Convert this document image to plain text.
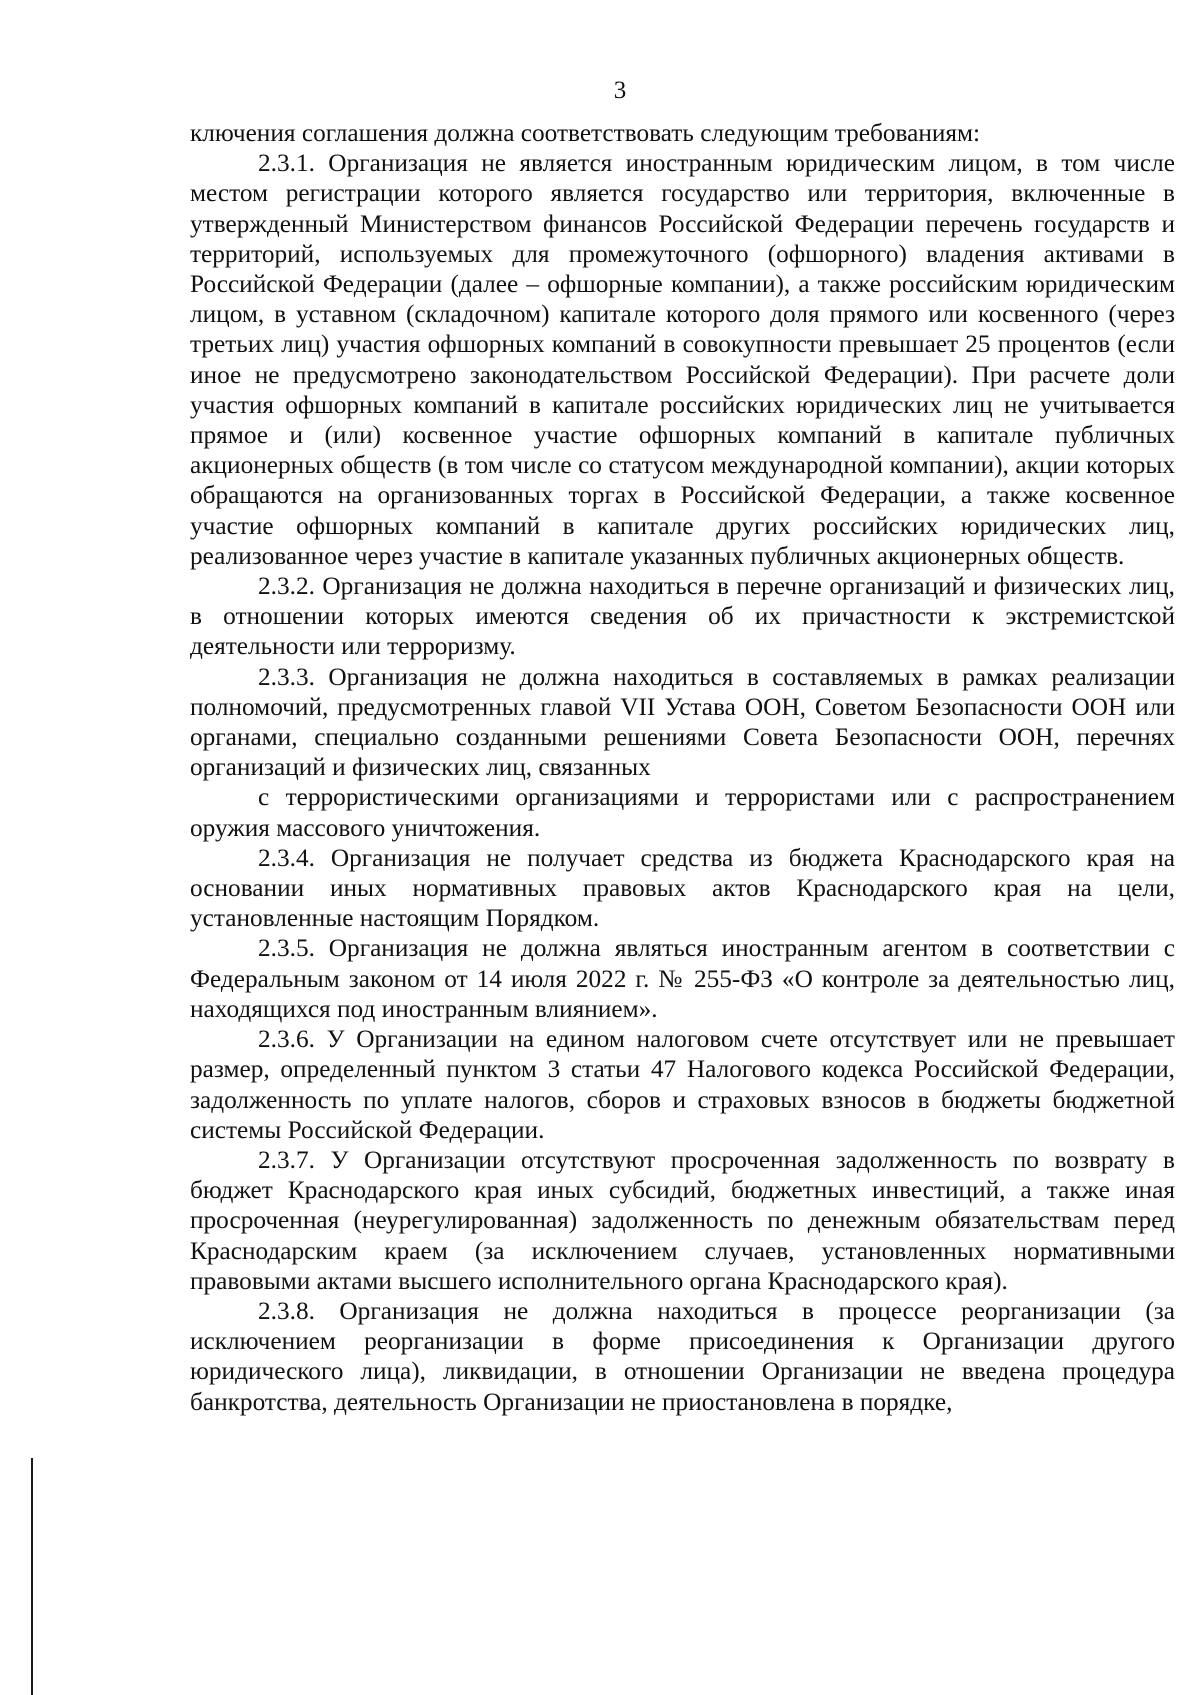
3

ключения соглашения должна соответствовать следующим требованиям:

2.3.1. Организация не является иностранным юридическим лицом, в том числе местом регистрации которого является государство или территория, включенные в утвержденный Министерством финансов Российской Федерации перечень государств и территорий, используемых для промежуточного (офшорного) владения активами в Российской Федерации (далее – офшорные компании), а также российским юридическим лицом, в уставном (складочном) капитале которого доля прямого или косвенного (через третьих лиц) участия офшорных компаний в совокупности превышает 25 процентов (если иное не предусмотрено законодательством Российской Федерации). При расчете доли участия офшорных компаний в капитале российских юридических лиц не учитывается прямое и (или) косвенное участие офшорных компаний в капитале публичных акционерных обществ (в том числе со статусом международной компании), акции которых обращаются на организованных торгах в Российской Федерации, а также косвенное участие офшорных компаний в капитале других российских юридических лиц, реализованное через участие в капитале указанных публичных акционерных обществ.

2.3.2. Организация не должна находиться в перечне организаций и физических лиц, в отношении которых имеются сведения об их причастности к экстремистской деятельности или терроризму.

2.3.3. Организация не должна находиться в составляемых в рамках реализации полномочий, предусмотренных главой VII Устава ООН, Советом Безопасности ООН или органами, специально созданными решениями Совета Безопасности ООН, перечнях организаций и физических лиц, связанных

с террористическими организациями и террористами или с распространением оружия массового уничтожения.

2.3.4. Организация не получает средства из бюджета Краснодарского края на основании иных нормативных правовых актов Краснодарского края на цели, установленные настоящим Порядком.

2.3.5. Организация не должна являться иностранным агентом в соответствии с Федеральным законом от 14 июля 2022 г. № 255-ФЗ «О контроле за деятельностью лиц, находящихся под иностранным влиянием».

2.3.6. У Организации на едином налоговом счете отсутствует или не превышает размер, определенный пунктом 3 статьи 47 Налогового кодекса Российской Федерации, задолженность по уплате налогов, сборов и страховых взносов в бюджеты бюджетной системы Российской Федерации.

2.3.7. У Организации отсутствуют просроченная задолженность по возврату в бюджет Краснодарского края иных субсидий, бюджетных инвестиций, а также иная просроченная (неурегулированная) задолженность по денежным обязательствам перед Краснодарским краем (за исключением случаев, установленных нормативными правовыми актами высшего исполнительного органа Краснодарского края).

2.3.8. Организация не должна находиться в процессе реорганизации (за исключением реорганизации в форме присоединения к Организации другого юридического лица), ликвидации, в отношении Организации не введена процедура банкротства, деятельность Организации не приостановлена в порядке,
